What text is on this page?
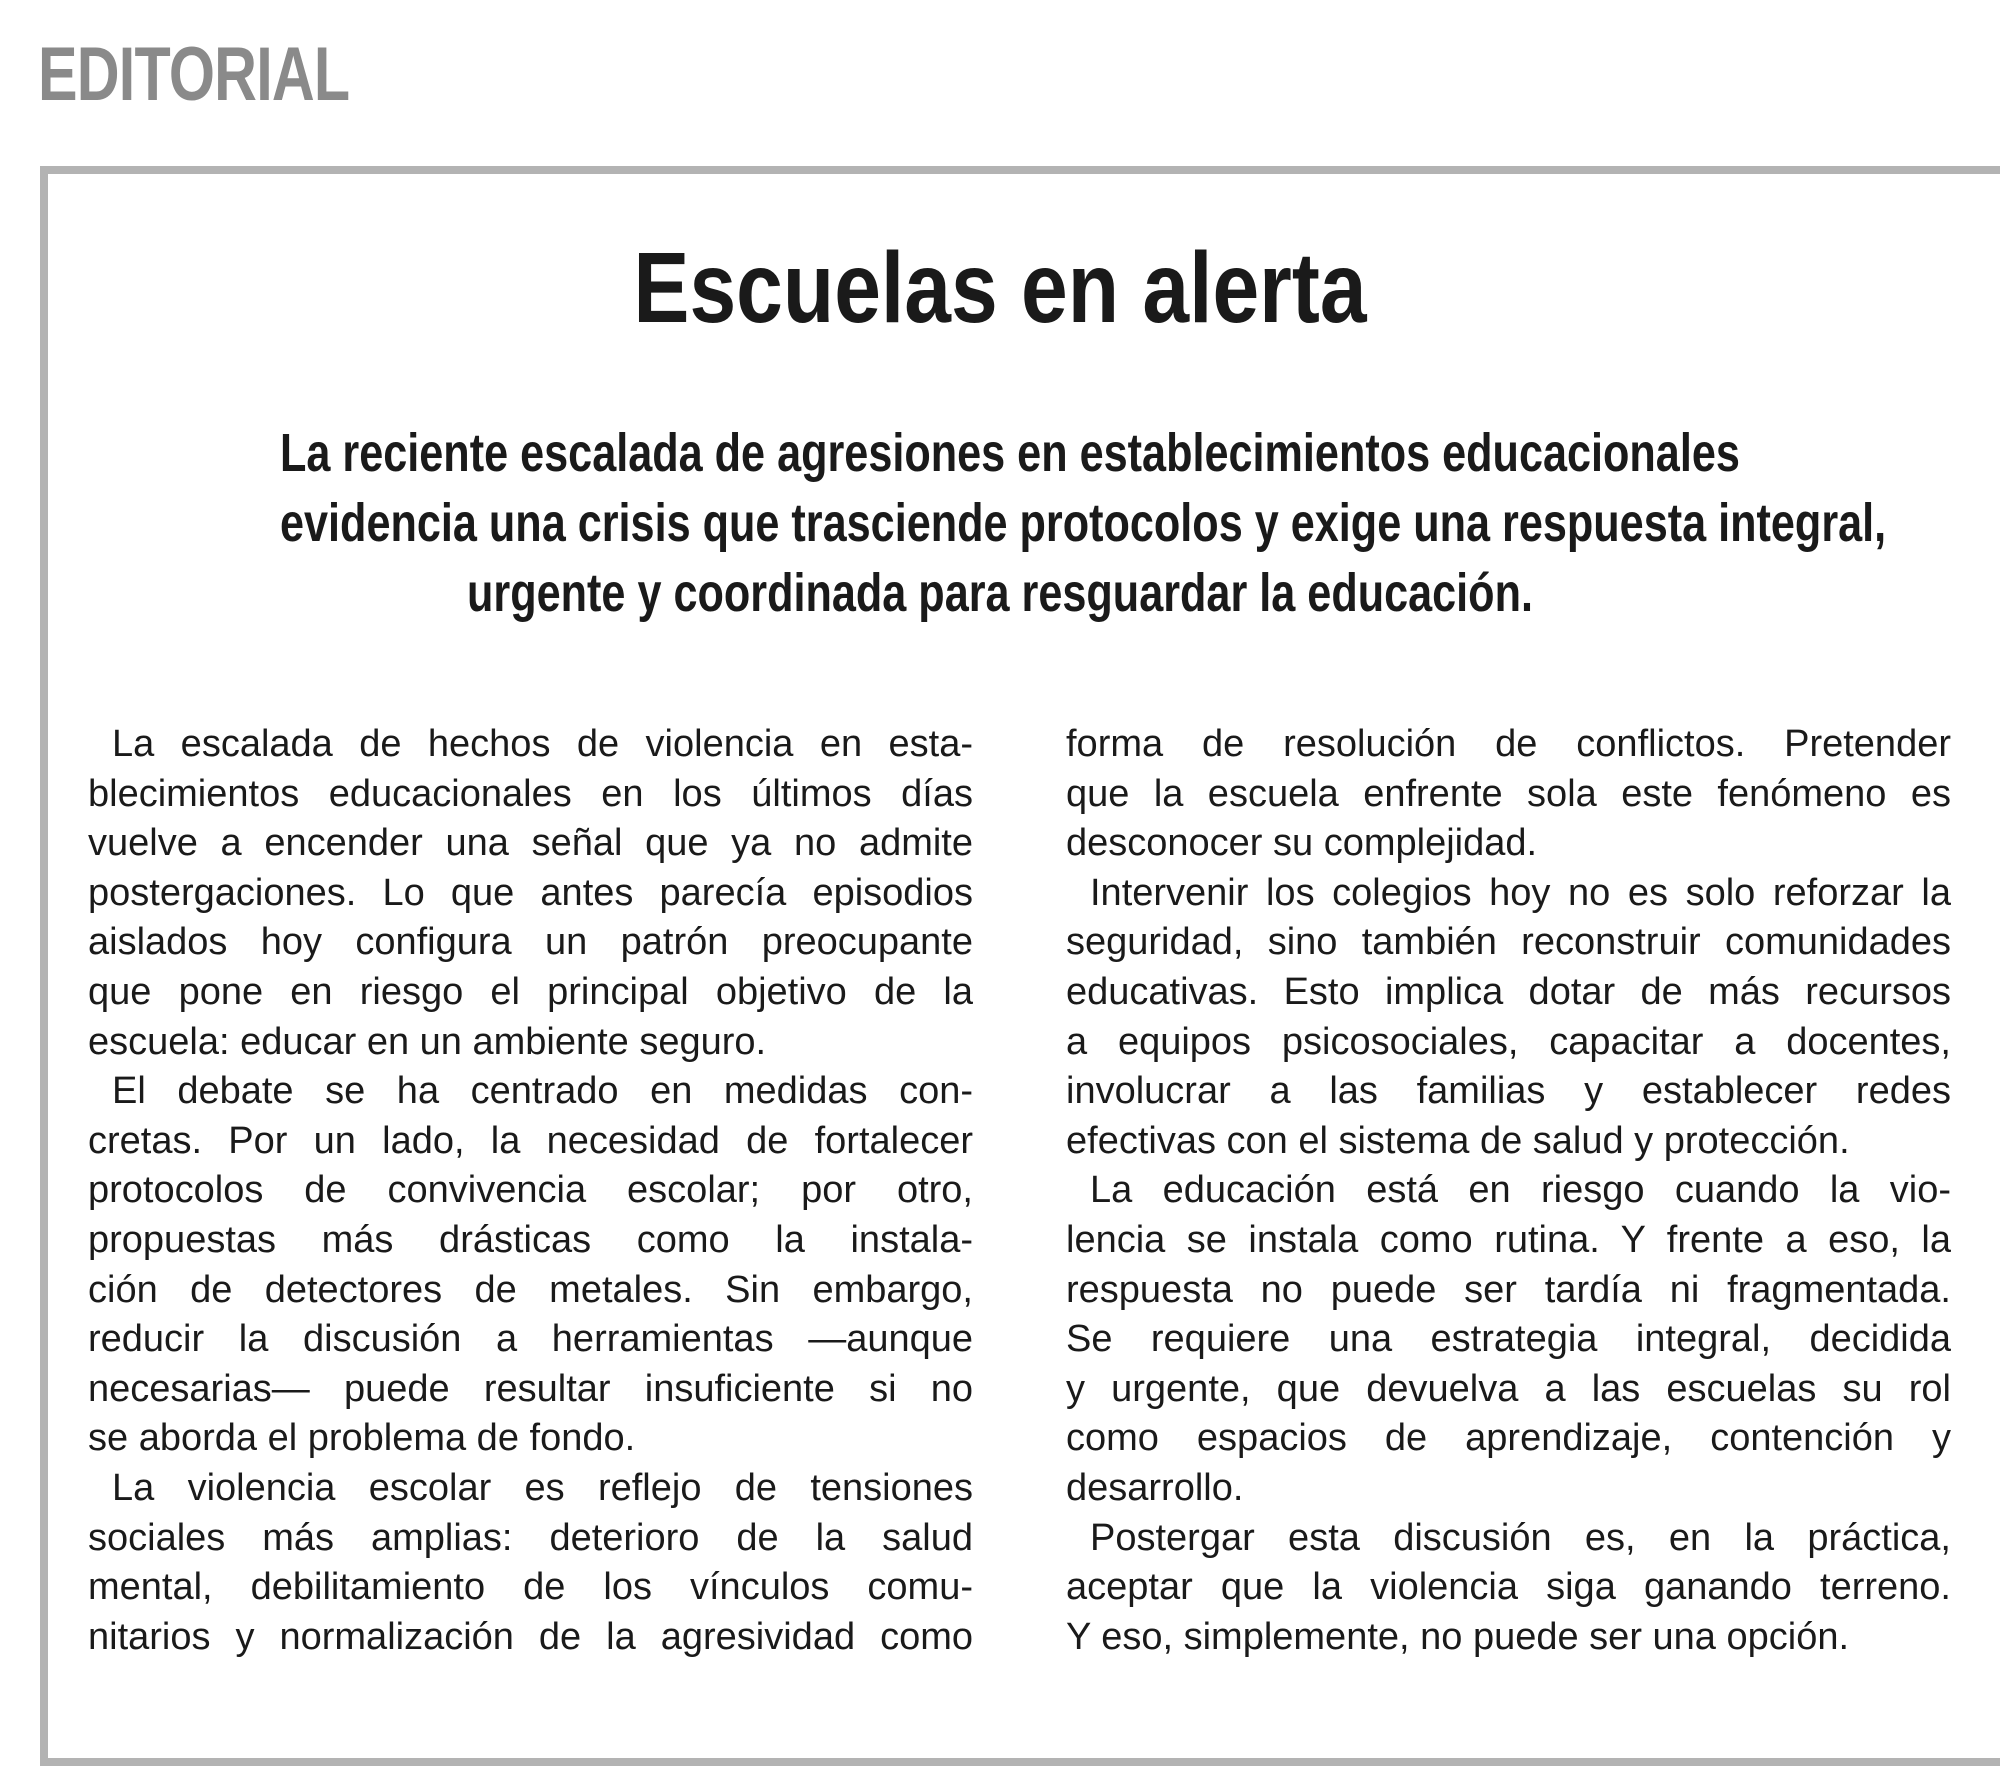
EDITORIAL
Escuelas en alerta
La reciente escalada de agresiones en establecimientos educacionales
evidencia una crisis que trasciende protocolos y exige una respuesta integral,
urgente y coordinada para resguardar la educación.
La escalada de hechos de violencia en esta-
blecimientos educacionales en los últimos días
vuelve a encender una señal que ya no admite
postergaciones. Lo que antes parecía episodios
aislados hoy configura un patrón preocupante
que pone en riesgo el principal objetivo de la
escuela: educar en un ambiente seguro.
El debate se ha centrado en medidas con-
cretas. Por un lado, la necesidad de fortalecer
protocolos de convivencia escolar; por otro,
propuestas más drásticas como la instala-
ción de detectores de metales. Sin embargo,
reducir la discusión a herramientas —aunque
necesarias— puede resultar insuficiente si no
se aborda el problema de fondo.
La violencia escolar es reflejo de tensiones
sociales más amplias: deterioro de la salud
mental, debilitamiento de los vínculos comu-
nitarios y normalización de la agresividad como
forma de resolución de conflictos. Pretender
que la escuela enfrente sola este fenómeno es
desconocer su complejidad.
Intervenir los colegios hoy no es solo reforzar la
seguridad, sino también reconstruir comunidades
educativas. Esto implica dotar de más recursos
a equipos psicosociales, capacitar a docentes,
involucrar a las familias y establecer redes
efectivas con el sistema de salud y protección.
La educación está en riesgo cuando la vio-
lencia se instala como rutina. Y frente a eso, la
respuesta no puede ser tardía ni fragmentada.
Se requiere una estrategia integral, decidida
y urgente, que devuelva a las escuelas su rol
como espacios de aprendizaje, contención y
desarrollo.
Postergar esta discusión es, en la práctica,
aceptar que la violencia siga ganando terreno.
Y eso, simplemente, no puede ser una opción.
